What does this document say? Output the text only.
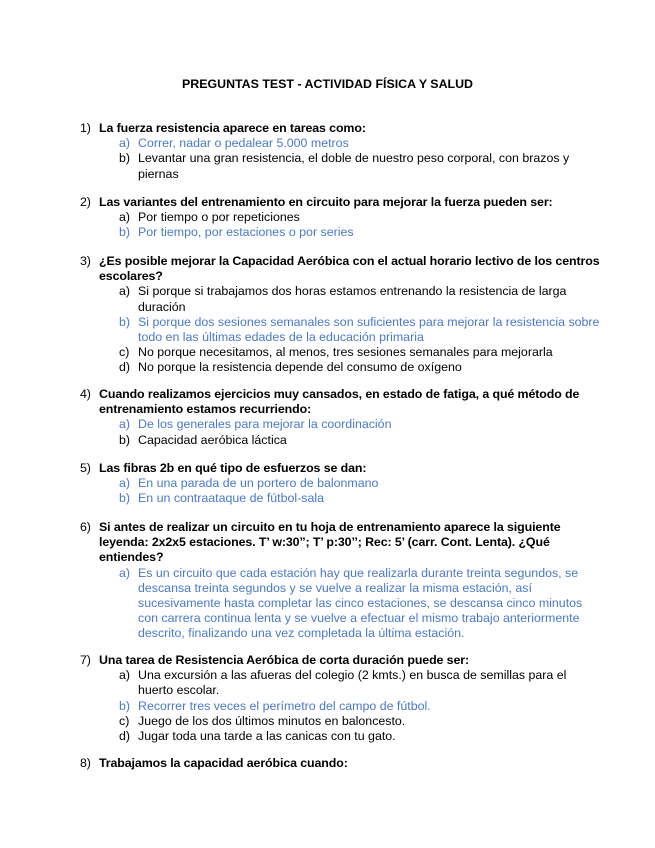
PREGUNTAS TEST - ACTIVIDAD FÍSICA Y SALUD
1) La fuerza resistencia aparece en tareas como:
a) Correr, nadar o pedalear 5.000 metros
b) Levantar una gran resistencia, el doble de nuestro peso corporal, con brazos y piernas
2) Las variantes del entrenamiento en circuito para mejorar la fuerza pueden ser:
a) Por tiempo o por repeticiones
b) Por tiempo, por estaciones o por series
3) ¿Es posible mejorar la Capacidad Aeróbica con el actual horario lectivo de los centros escolares?
a) Si porque si trabajamos dos horas estamos entrenando la resistencia de larga duración
b) Si porque dos sesiones semanales son suficientes para mejorar la resistencia sobre todo en las últimas edades de la educación primaria
c) No porque necesitamos, al menos, tres sesiones semanales para mejorarla
d) No porque la resistencia depende del consumo de oxígeno
4) Cuando realizamos ejercicios muy cansados, en estado de fatiga, a qué método de entrenamiento estamos recurriendo:
a) De los generales para mejorar la coordinación
b) Capacidad aeróbica láctica
5) Las fibras 2b en qué tipo de esfuerzos se dan:
a) En una parada de un portero de balonmano
b) En un contraataque de fútbol-sala
6) Si antes de realizar un circuito en tu hoja de entrenamiento aparece la siguiente leyenda: 2x2x5 estaciones. T’ w:30”; T’ p:30’’; Rec: 5’ (carr. Cont. Lenta). ¿Qué entiendes?
a) Es un circuito que cada estación hay que realizarla durante treinta segundos, se descansa treinta segundos y se vuelve a realizar la misma estación, así sucesivamente hasta completar las cinco estaciones, se descansa cinco minutos con carrera continua lenta y se vuelve a efectuar el mismo trabajo anteriormente descrito, finalizando una vez completada la última estación.
7) Una tarea de Resistencia Aeróbica de corta duración puede ser:
a) Una excursión a las afueras del colegio (2 kmts.) en busca de semillas para el huerto escolar.
b) Recorrer tres veces el perímetro del campo de fútbol.
c) Juego de los dos últimos minutos en baloncesto.
d) Jugar toda una tarde a las canicas con tu gato.
8) Trabajamos la capacidad aeróbica cuando:
